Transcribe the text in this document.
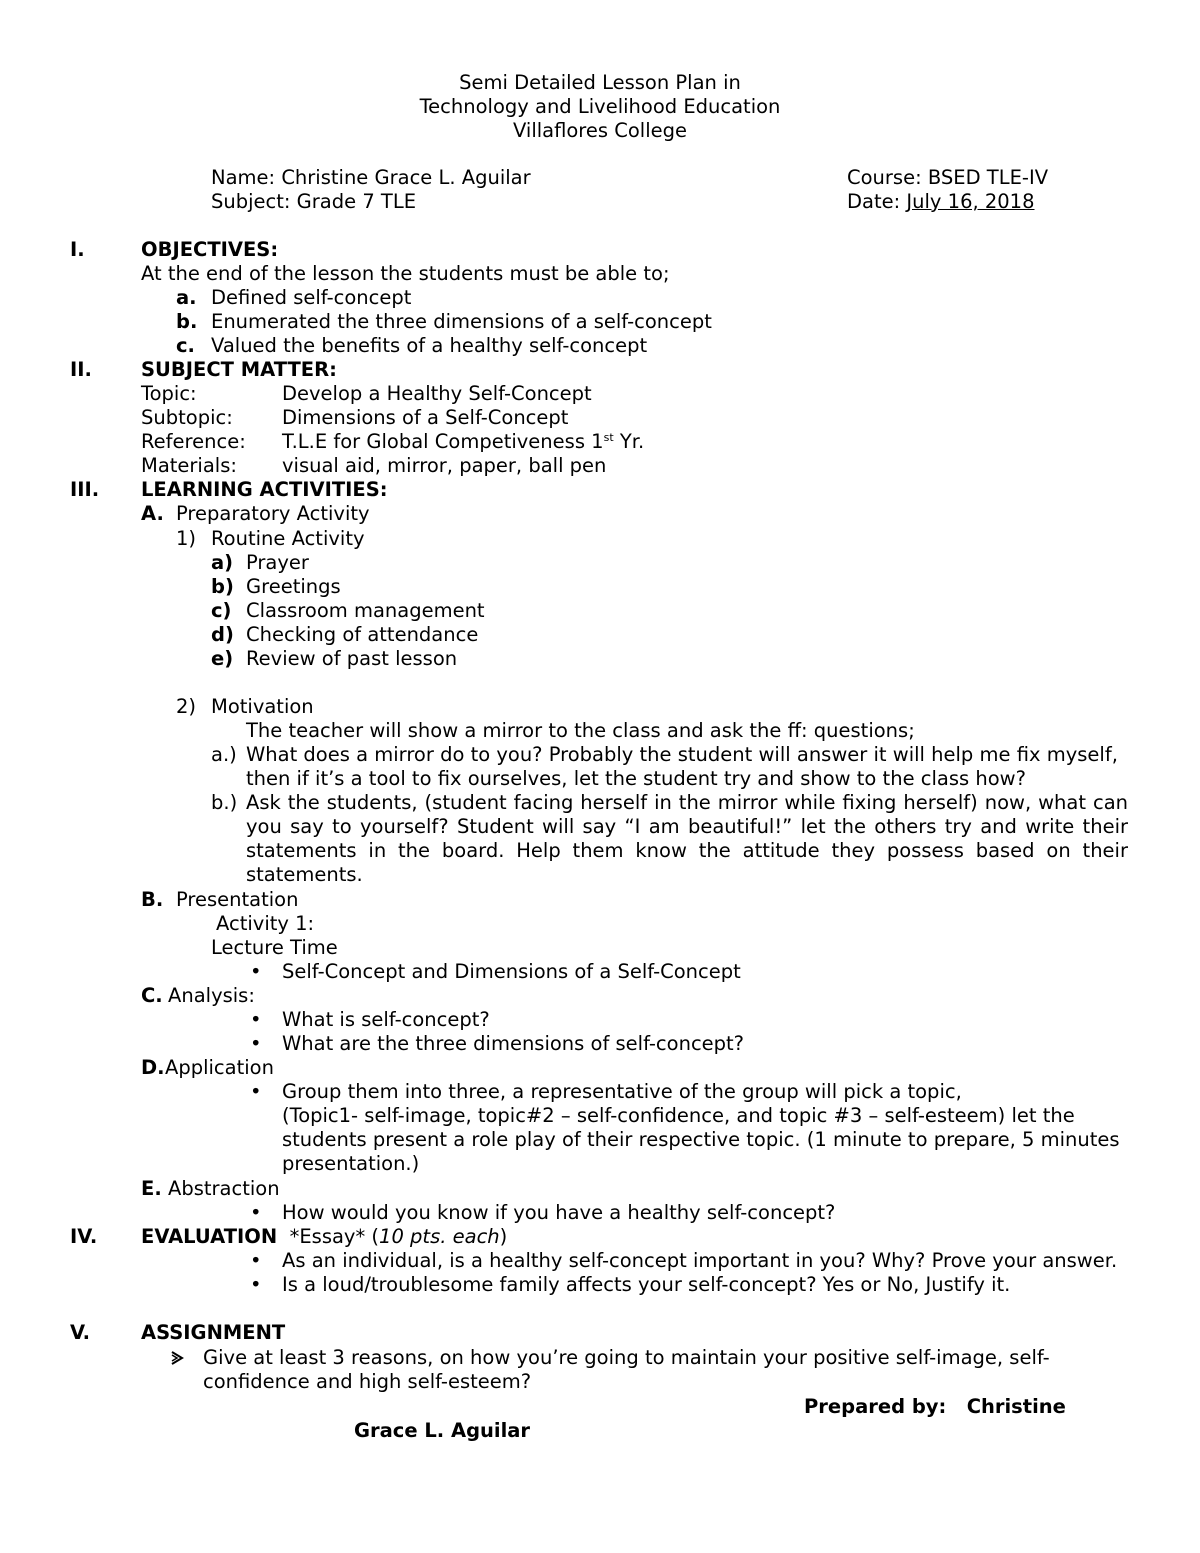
Semi Detailed Lesson Plan in
Technology and Livelihood Education
Villaflores College
Name: Christine Grace L. Aguilar	Course: BSED TLE-IV
Subject: Grade 7 TLE	Date: July 16, 2018
I.	OBJECTIVES:
At the end of the lesson the students must be able to;
a. Defined self-concept
b. Enumerated the three dimensions of a self-concept
c. Valued the benefits of a healthy self-concept
II.	SUBJECT MATTER:
Topic:	Develop a Healthy Self-Concept
Subtopic:	Dimensions of a Self-Concept
Reference: T.L.E for Global Competiveness 1st Yr.
Materials: visual aid, mirror, paper, ball pen
III. LEARNING ACTIVITIES:
A. Preparatory Activity
1) Routine Activity
a) Prayer
b) Greetings
c) Classroom management
d) Checking of attendance
e) Review of past lesson
2) Motivation
The teacher will show a mirror to the class and ask the ff: questions;
a.) What does a mirror do to you? Probably the student will answer it will help me fix myself,
then if it’s a tool to fix ourselves, let the student try and show to the class how?
b.) Ask the students, (student facing herself in the mirror while fixing herself) now, what can
you say to yourself? Student will say “I am beautiful!” let the others try and write their
statements in the board. Help them know the attitude they possess based on their
statements.
B. Presentation
Activity 1:
Lecture Time
• Self-Concept and Dimensions of a Self-Concept
C. Analysis:
• What is self-concept?
• What are the three dimensions of self-concept?
D. Application
• Group them into three, a representative of the group will pick a topic,
(Topic1- self-image, topic#2 – self-confidence, and topic #3 – self-esteem) let the
students present a role play of their respective topic. (1 minute to prepare, 5 minutes
presentation.)
E. Abstraction
• How would you know if you have a healthy self-concept?
IV. EVALUATION *Essay* (10 pts. each)
• As an individual, is a healthy self-concept important in you? Why? Prove your answer.
• Is a loud/troublesome family affects your self-concept? Yes or No, Justify it.
V.	ASSIGNMENT
Give at least 3 reasons, on how you’re going to maintain your positive self-image, self-
confidence and high self-esteem?
Prepared by: Christine
Grace L. Aguilar
